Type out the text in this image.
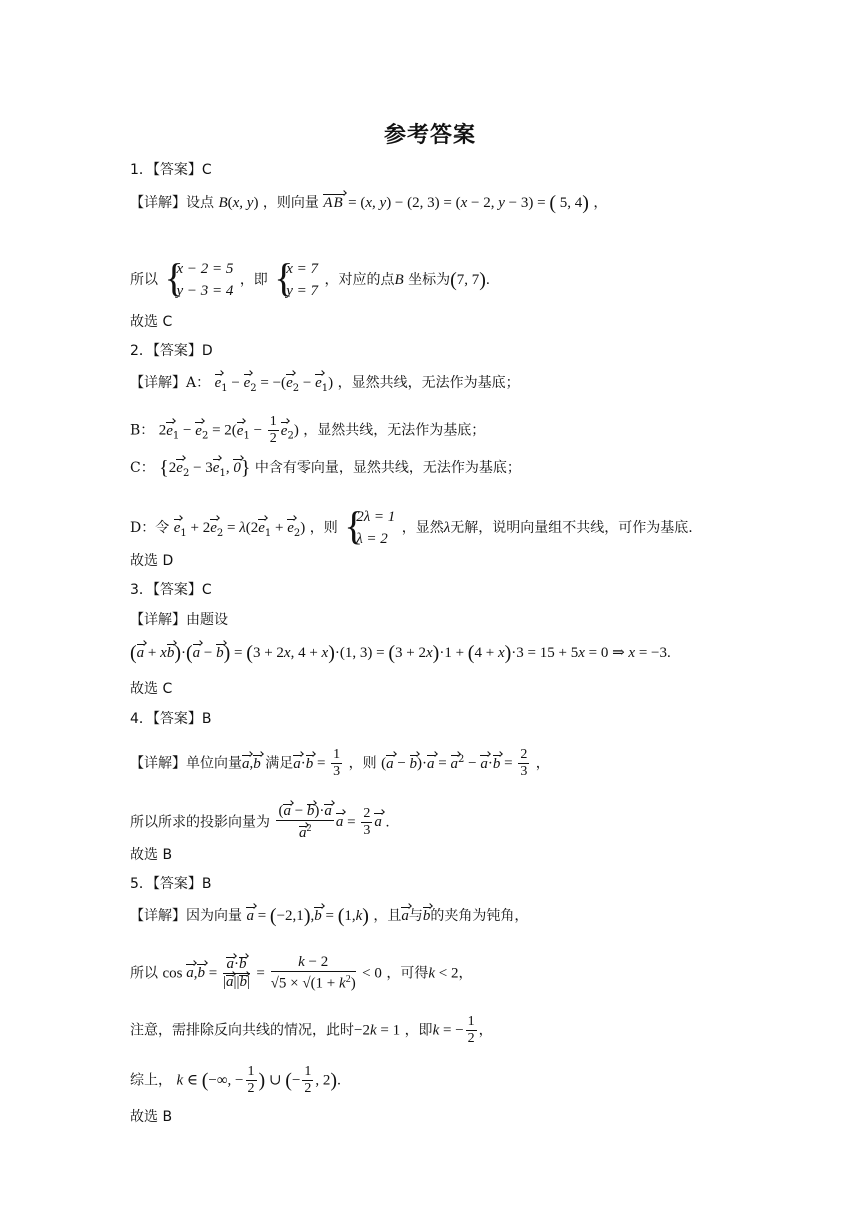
参考答案
1．【答案】C
【详解】设点 B(x, y) ，则向量 AB = (x, y) − (2, 3) = (x − 2, y − 3) = ( 5, 4) ，
所以 { x − 2 = 5
y − 3 = 4 ，即 { x = 7
y = 7 ，对应的点B 坐标为(7, 7).
故选 C
2．【答案】D
【详解】A： $e_1 - e_2 = -(e_2 - e_1)$ ，显然共线，无法作为基底；
B： $2e_1 - e_2 = 2(e_1 - \frac{1}{2} e_2)$ ，显然共线，无法作为基底；
C： {$2e_2 - 3e_1$, 0} 中含有零向量，显然共线，无法作为基底；
D：令 $e_1 + 2e_2 = \lambda(2e_1 + e_2)$ ，则 { 2λ = 1
λ = 2 ，显然λ无解，说明向量组不共线，可作为基底.
故选 D
3．【答案】C
【详解】由题设
(a + xb)·(a − b) = (3 + 2x, 4 + x)·(1, 3) = (3 + 2x)·1 + (4 + x)·3 = 15 + 5x = 0 ⇒ x = −3.
故选 C
4．【答案】B
【详解】单位向量a,b 满足$a\cdot b = \frac{1}{3}$ ，则 $(a - b)\cdot a = a^2 - a\cdot b = \frac{2}{3}$ ，
所以所求的投影向量为 $\frac{(a - b)\cdot a}{a^2}$ $a = \frac{2}{3}$ a .
故选 B
5．【答案】B
【详解】因为向量 a = (−2,1),b = (1,k) ，且a与b的夹角为钝角，
所以 $\cos a,b = \frac{a\cdot b}{|a||b|} = \frac{k - 2}{√5 \times √(1 + k^2)} < 0$ ，可得k < 2，
注意，需排除反向共线的情况，此时−2k = 1 ，即k = − $\frac{1}{2}$ ，
综上， k ∈ (−∞, − $\frac{1}{2}$ ) ∪ (− $\frac{1}{2}$ , 2).
故选 B
